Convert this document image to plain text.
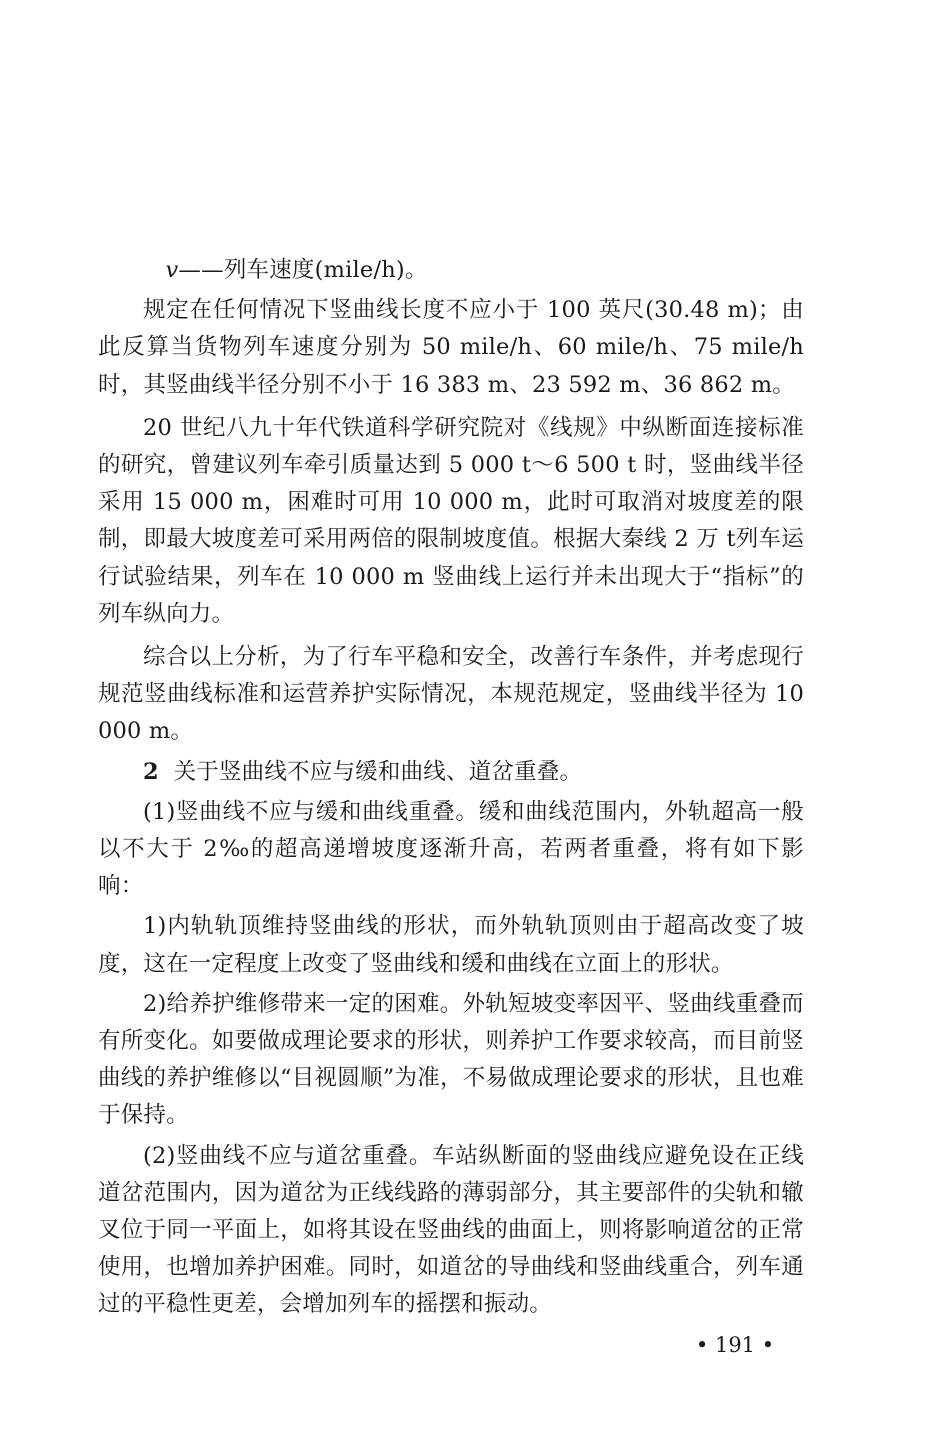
v——列车速度(mile/h)。

规定在任何情况下竖曲线长度不应小于 100 英尺(30.48 m)；由此反算当货物列车速度分别为 50 mile/h、60 mile/h、75 mile/h时，其竖曲线半径分别不小于 16 383 m、23 592 m、36 862 m。

20 世纪八九十年代铁道科学研究院对《线规》中纵断面连接标准的研究，曾建议列车牵引质量达到 5 000 t～6 500 t 时，竖曲线半径采用 15 000 m，困难时可用 10 000 m，此时可取消对坡度差的限制，即最大坡度差可采用两倍的限制坡度值。根据大秦线 2 万 t列车运行试验结果，列车在 10 000 m 竖曲线上运行并未出现大于“指标”的列车纵向力。

综合以上分析，为了行车平稳和安全，改善行车条件，并考虑现行规范竖曲线标准和运营养护实际情况，本规范规定，竖曲线半径为 10 000 m。

2 关于竖曲线不应与缓和曲线、道岔重叠。

(1)竖曲线不应与缓和曲线重叠。缓和曲线范围内，外轨超高一般以不大于 2‰的超高递增坡度逐渐升高，若两者重叠，将有如下影响：

1)内轨轨顶维持竖曲线的形状，而外轨轨顶则由于超高改变了坡度，这在一定程度上改变了竖曲线和缓和曲线在立面上的形状。

2)给养护维修带来一定的困难。外轨短坡变率因平、竖曲线重叠而有所变化。如要做成理论要求的形状，则养护工作要求较高，而目前竖曲线的养护维修以“目视圆顺”为准，不易做成理论要求的形状，且也难于保持。

(2)竖曲线不应与道岔重叠。车站纵断面的竖曲线应避免设在正线道岔范围内，因为道岔为正线线路的薄弱部分，其主要部件的尖轨和辙叉位于同一平面上，如将其设在竖曲线的曲面上，则将影响道岔的正常使用，也增加养护困难。同时，如道岔的导曲线和竖曲线重合，列车通过的平稳性更差，会增加列车的摇摆和振动。

• 191 •
